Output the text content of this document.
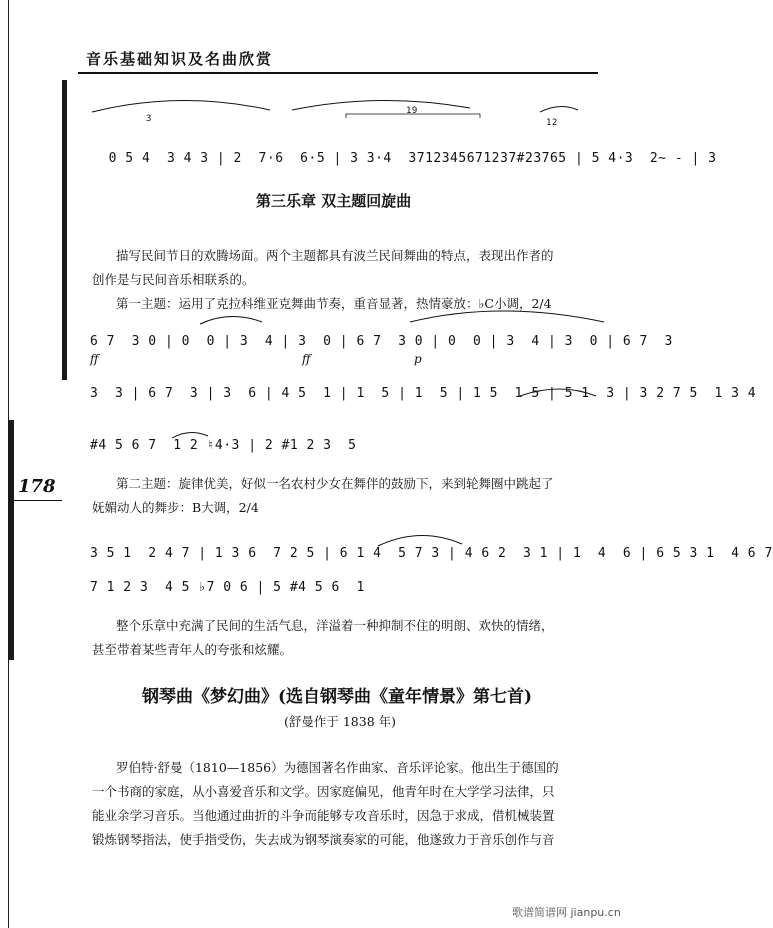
音乐基础知识及名曲欣赏
178

0 5 4  3 4 3 | 2  7·6  6·5 | 3 3·4  3712345671237#23765 | 5 4·3  2~ - | 3

3
19
12
第三乐章 双主题回旋曲
描写民间节日的欢腾场面。两个主题都具有波兰民间舞曲的特点，表现出作者的
创作是与民间音乐相联系的。
第一主题：运用了克拉科维亚克舞曲节奏，重音显著，热情豪放：♭C小调，2/4
6 7  3 0 | 0  0 | 3  4 | 3  0 | 6 7  3 0 | 0  0 | 3  4 | 3  0 | 6 7  3
ff	ff	p
3  3 | 6 7  3 | 3  6 | 4 5  1 | 1  5 | 1  5 | 1 5  1 5 | 5 1  3 | 3 2 7 5  1 3 4
#4 5 6 7  1 2 ♮4·3 | 2 #1 2 3  5
第二主题：旋律优美，好似一名农村少女在舞伴的鼓励下，来到轮舞圈中跳起了
妩媚动人的舞步：B大调，2/4
3 5 1  2 4 7 | 1 3 6  7 2 5 | 6 1 4  5 7 3 | 4 6 2  3 1 | 1  4  6 | 6 5 3 1  4 6 7
7 1 2 3  4 5 ♭7 0 6 | 5 #4 5 6  1
整个乐章中充满了民间的生活气息，洋溢着一种抑制不住的明朗、欢快的情绪，
甚至带着某些青年人的夸张和炫耀。
钢琴曲《梦幻曲》(选自钢琴曲《童年情景》第七首)
(舒曼作于 1838 年)
罗伯特·舒曼（1810—1856）为德国著名作曲家、音乐评论家。他出生于德国的
一个书商的家庭，从小喜爱音乐和文学。因家庭偏见，他青年时在大学学习法律，只
能业余学习音乐。当他通过曲折的斗争而能够专攻音乐时，因急于求成，借机械装置
锻炼钢琴指法，使手指受伤，失去成为钢琴演奏家的可能，他遂致力于音乐创作与音
歌谱简谱网 jianpu.cn
